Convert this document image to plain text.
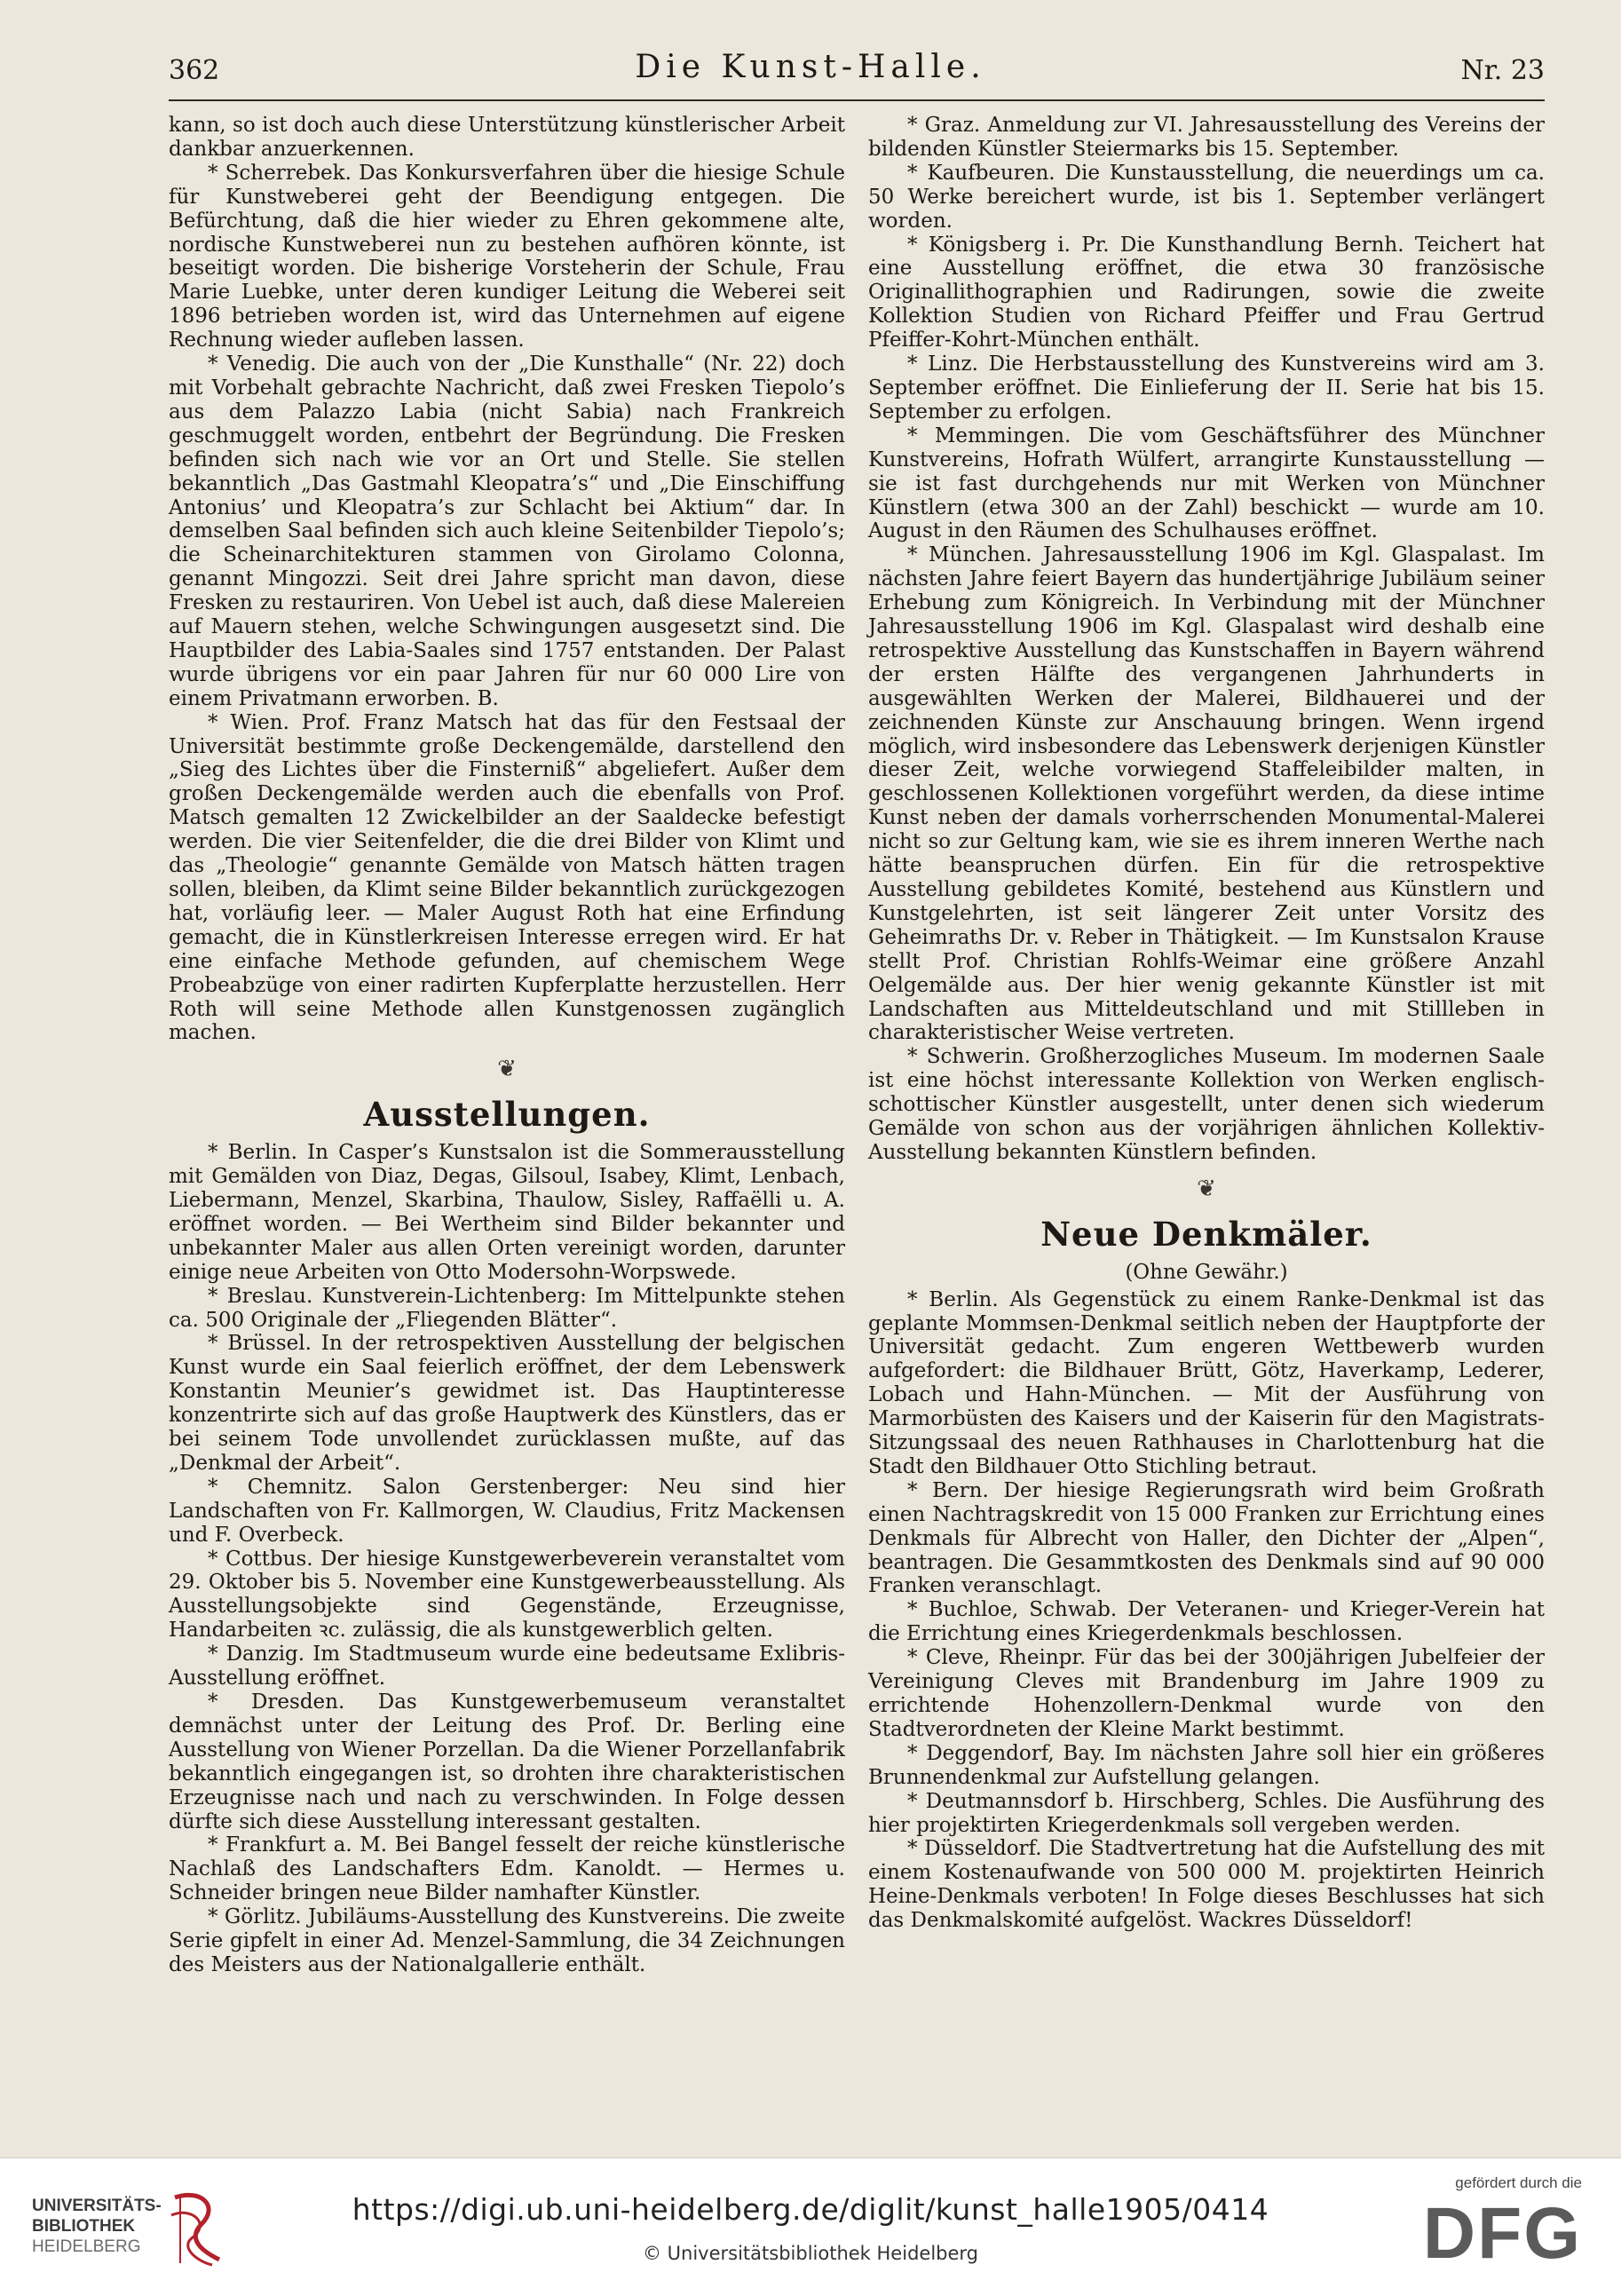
362	Die Kunst-Halle.	Nr. 23

kann, so ist doch auch diese Unterstützung künstlerischer Arbeit dankbar anzuerkennen.

* Scherrebek. Das Konkursverfahren über die hiesige Schule für Kunstweberei geht der Beendigung entgegen. Die Befürchtung, daß die hier wieder zu Ehren gekommene alte, nordische Kunstweberei nun zu bestehen aufhören könnte, ist beseitigt worden. Die bisherige Vorsteherin der Schule, Frau Marie Luebke, unter deren kundiger Leitung die Weberei seit 1896 betrieben worden ist, wird das Unternehmen auf eigene Rechnung wieder aufleben lassen.

* Venedig. Die auch von der „Die Kunsthalle“ (Nr. 22) doch mit Vorbehalt gebrachte Nachricht, daß zwei Fresken Tiepolo’s aus dem Palazzo Labia (nicht Sabia) nach Frankreich geschmuggelt worden, entbehrt der Begründung. Die Fresken befinden sich nach wie vor an Ort und Stelle. Sie stellen bekanntlich „Das Gastmahl Kleopatra’s“ und „Die Einschiffung Antonius’ und Kleopatra’s zur Schlacht bei Aktium“ dar. In demselben Saal befinden sich auch kleine Seitenbilder Tiepolo’s; die Scheinarchitekturen stammen von Girolamo Colonna, genannt Mingozzi. Seit drei Jahre spricht man davon, diese Fresken zu restauriren. Von Uebel ist auch, daß diese Malereien auf Mauern stehen, welche Schwingungen ausgesetzt sind. Die Hauptbilder des Labia-Saales sind 1757 entstanden. Der Palast wurde übrigens vor ein paar Jahren für nur 60 000 Lire von einem Privatmann erworben. B.

* Wien. Prof. Franz Matsch hat das für den Festsaal der Universität bestimmte große Deckengemälde, darstellend den „Sieg des Lichtes über die Finsterniß“ abgeliefert. Außer dem großen Deckengemälde werden auch die ebenfalls von Prof. Matsch gemalten 12 Zwickelbilder an der Saaldecke befestigt werden. Die vier Seitenfelder, die die drei Bilder von Klimt und das „Theologie“ genannte Gemälde von Matsch hätten tragen sollen, bleiben, da Klimt seine Bilder bekanntlich zurückgezogen hat, vorläufig leer. — Maler August Roth hat eine Erfindung gemacht, die in Künstlerkreisen Interesse erregen wird. Er hat eine einfache Methode gefunden, auf chemischem Wege Probeabzüge von einer radirten Kupferplatte herzustellen. Herr Roth will seine Methode allen Kunstgenossen zugänglich machen.

❦
Ausstellungen.

* Berlin. In Casper’s Kunstsalon ist die Sommerausstellung mit Gemälden von Diaz, Degas, Gilsoul, Isabey, Klimt, Lenbach, Liebermann, Menzel, Skarbina, Thaulow, Sisley, Raffaëlli u. A. eröffnet worden. — Bei Wertheim sind Bilder bekannter und unbekannter Maler aus allen Orten vereinigt worden, darunter einige neue Arbeiten von Otto Modersohn-Worpswede.

* Breslau. Kunstverein-Lichtenberg: Im Mittelpunkte stehen ca. 500 Originale der „Fliegenden Blätter“.

* Brüssel. In der retrospektiven Ausstellung der belgischen Kunst wurde ein Saal feierlich eröffnet, der dem Lebenswerk Konstantin Meunier’s gewidmet ist. Das Hauptinteresse konzentrirte sich auf das große Hauptwerk des Künstlers, das er bei seinem Tode unvollendet zurücklassen mußte, auf das „Denkmal der Arbeit“.

* Chemnitz. Salon Gerstenberger: Neu sind hier Landschaften von Fr. Kallmorgen, W. Claudius, Fritz Mackensen und F. Overbeck.

* Cottbus. Der hiesige Kunstgewerbeverein veranstaltet vom 29. Oktober bis 5. November eine Kunstgewerbeausstellung. Als Ausstellungsobjekte sind Gegenstände, Erzeugnisse, Handarbeiten ꝛc. zulässig, die als kunstgewerblich gelten.

* Danzig. Im Stadtmuseum wurde eine bedeutsame Exlibris-Ausstellung eröffnet.

* Dresden. Das Kunstgewerbemuseum veranstaltet demnächst unter der Leitung des Prof. Dr. Berling eine Ausstellung von Wiener Porzellan. Da die Wiener Porzellanfabrik bekanntlich eingegangen ist, so drohten ihre charakteristischen Erzeugnisse nach und nach zu verschwinden. In Folge dessen dürfte sich diese Ausstellung interessant gestalten.

* Frankfurt a. M. Bei Bangel fesselt der reiche künstlerische Nachlaß des Landschafters Edm. Kanoldt. — Hermes u. Schneider bringen neue Bilder namhafter Künstler.

* Görlitz. Jubiläums-Ausstellung des Kunstvereins. Die zweite Serie gipfelt in einer Ad. Menzel-Sammlung, die 34 Zeichnungen des Meisters aus der Nationalgallerie enthält.

* Graz. Anmeldung zur VI. Jahresausstellung des Vereins der bildenden Künstler Steiermarks bis 15. September.

* Kaufbeuren. Die Kunstausstellung, die neuerdings um ca. 50 Werke bereichert wurde, ist bis 1. September verlängert worden.

* Königsberg i. Pr. Die Kunsthandlung Bernh. Teichert hat eine Ausstellung eröffnet, die etwa 30 französische Originallithographien und Radirungen, sowie die zweite Kollektion Studien von Richard Pfeiffer und Frau Gertrud Pfeiffer-Kohrt-München enthält.

* Linz. Die Herbstausstellung des Kunstvereins wird am 3. September eröffnet. Die Einlieferung der II. Serie hat bis 15. September zu erfolgen.

* Memmingen. Die vom Geschäftsführer des Münchner Kunstvereins, Hofrath Wülfert, arrangirte Kunstausstellung — sie ist fast durchgehends nur mit Werken von Münchner Künstlern (etwa 300 an der Zahl) beschickt — wurde am 10. August in den Räumen des Schulhauses eröffnet.

* München. Jahresausstellung 1906 im Kgl. Glaspalast. Im nächsten Jahre feiert Bayern das hundertjährige Jubiläum seiner Erhebung zum Königreich. In Verbindung mit der Münchner Jahresausstellung 1906 im Kgl. Glaspalast wird deshalb eine retrospektive Ausstellung das Kunstschaffen in Bayern während der ersten Hälfte des vergangenen Jahrhunderts in ausgewählten Werken der Malerei, Bildhauerei und der zeichnenden Künste zur Anschauung bringen. Wenn irgend möglich, wird insbesondere das Lebenswerk derjenigen Künstler dieser Zeit, welche vorwiegend Staffeleibilder malten, in geschlossenen Kollektionen vorgeführt werden, da diese intime Kunst neben der damals vorherrschenden Monumental-Malerei nicht so zur Geltung kam, wie sie es ihrem inneren Werthe nach hätte beanspruchen dürfen. Ein für die retrospektive Ausstellung gebildetes Komité, bestehend aus Künstlern und Kunstgelehrten, ist seit längerer Zeit unter Vorsitz des Geheimraths Dr. v. Reber in Thätigkeit. — Im Kunstsalon Krause stellt Prof. Christian Rohlfs-Weimar eine größere Anzahl Oelgemälde aus. Der hier wenig gekannte Künstler ist mit Landschaften aus Mitteldeutschland und mit Stillleben in charakteristischer Weise vertreten.

* Schwerin. Großherzogliches Museum. Im modernen Saale ist eine höchst interessante Kollektion von Werken englisch-schottischer Künstler ausgestellt, unter denen sich wiederum Gemälde von schon aus der vorjährigen ähnlichen Kollektiv-Ausstellung bekannten Künstlern befinden.

❦
Neue Denkmäler.
(Ohne Gewähr.)

* Berlin. Als Gegenstück zu einem Ranke-Denkmal ist das geplante Mommsen-Denkmal seitlich neben der Hauptpforte der Universität gedacht. Zum engeren Wettbewerb wurden aufgefordert: die Bildhauer Brütt, Götz, Haverkamp, Lederer, Lobach und Hahn-München. — Mit der Ausführung von Marmorbüsten des Kaisers und der Kaiserin für den Magistrats-Sitzungssaal des neuen Rathhauses in Charlottenburg hat die Stadt den Bildhauer Otto Stichling betraut.

* Bern. Der hiesige Regierungsrath wird beim Großrath einen Nachtragskredit von 15 000 Franken zur Errichtung eines Denkmals für Albrecht von Haller, den Dichter der „Alpen“, beantragen. Die Gesammtkosten des Denkmals sind auf 90 000 Franken veranschlagt.

* Buchloe, Schwab. Der Veteranen- und Krieger-Verein hat die Errichtung eines Kriegerdenkmals beschlossen.

* Cleve, Rheinpr. Für das bei der 300jährigen Jubelfeier der Vereinigung Cleves mit Brandenburg im Jahre 1909 zu errichtende Hohenzollern-Denkmal wurde von den Stadtverordneten der Kleine Markt bestimmt.

* Deggendorf, Bay. Im nächsten Jahre soll hier ein größeres Brunnendenkmal zur Aufstellung gelangen.

* Deutmannsdorf b. Hirschberg, Schles. Die Ausführung des hier projektirten Kriegerdenkmals soll vergeben werden.

* Düsseldorf. Die Stadtvertretung hat die Aufstellung des mit einem Kostenaufwande von 500 000 M. projektirten Heinrich Heine-Denkmals verboten! In Folge dieses Beschlusses hat sich das Denkmalskomité aufgelöst. Wackres Düsseldorf!

UNIVERSITÄTS-
BIBLIOTHEK
HEIDELBERG
https://digi.ub.uni-heidelberg.de/diglit/kunst_halle1905/0414
© Universitätsbibliothek Heidelberg
gefördert durch die
DFG
